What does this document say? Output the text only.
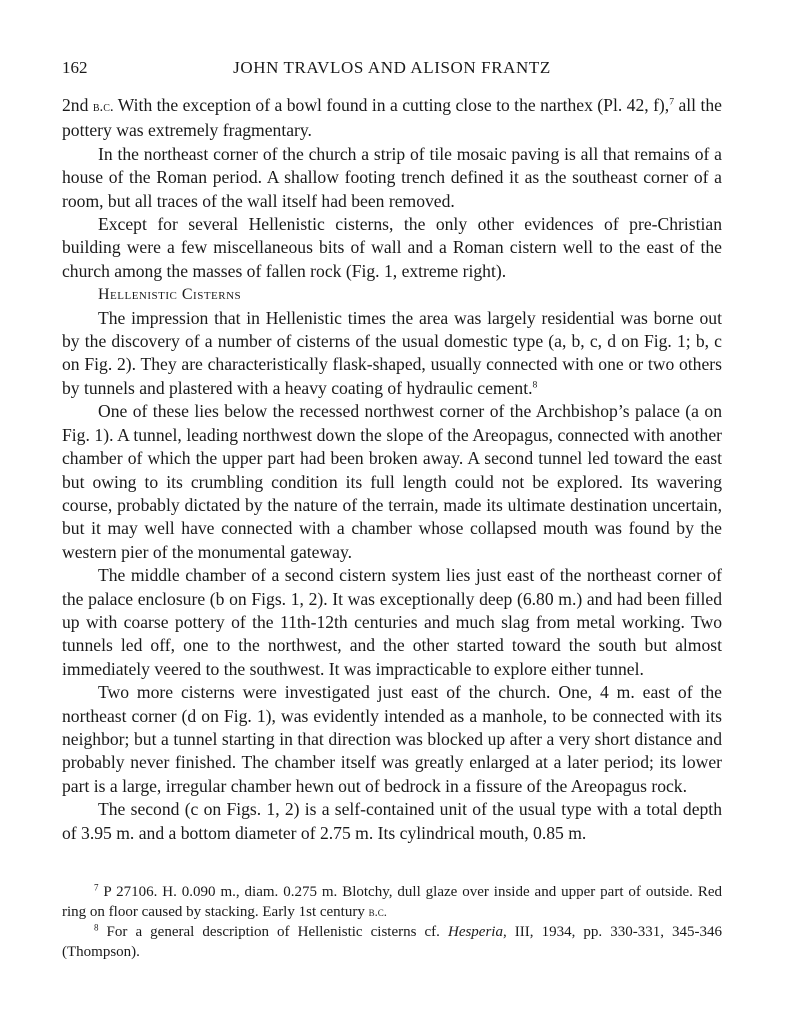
162	JOHN TRAVLOS AND ALISON FRANTZ

2nd b.c. With the exception of a bowl found in a cutting close to the narthex (Pl. 42, f),$^7$ all the pottery was extremely fragmentary.

In the northeast corner of the church a strip of tile mosaic paving is all that remains of a house of the Roman period. A shallow footing trench defined it as the southeast corner of a room, but all traces of the wall itself had been removed.

Except for several Hellenistic cisterns, the only other evidences of pre-Christian building were a few miscellaneous bits of wall and a Roman cistern well to the east of the church among the masses of fallen rock (Fig. 1, extreme right).

Hellenistic Cisterns

The impression that in Hellenistic times the area was largely residential was borne out by the discovery of a number of cisterns of the usual domestic type (a, b, c, d on Fig. 1; b, c on Fig. 2). They are characteristically flask-shaped, usually connected with one or two others by tunnels and plastered with a heavy coating of hydraulic cement.$^8$

One of these lies below the recessed northwest corner of the Archbishop’s palace (a on Fig. 1). A tunnel, leading northwest down the slope of the Areopagus, connected with another chamber of which the upper part had been broken away. A second tunnel led toward the east but owing to its crumbling condition its full length could not be explored. Its wavering course, probably dictated by the nature of the terrain, made its ultimate destination uncertain, but it may well have connected with a chamber whose collapsed mouth was found by the western pier of the monumental gateway.

The middle chamber of a second cistern system lies just east of the northeast corner of the palace enclosure (b on Figs. 1, 2). It was exceptionally deep (6.80 m.) and had been filled up with coarse pottery of the 11th-12th centuries and much slag from metal working. Two tunnels led off, one to the northwest, and the other started toward the south but almost immediately veered to the southwest. It was impracticable to explore either tunnel.

Two more cisterns were investigated just east of the church. One, 4 m. east of the northeast corner (d on Fig. 1), was evidently intended as a manhole, to be connected with its neighbor; but a tunnel starting in that direction was blocked up after a very short distance and probably never finished. The chamber itself was greatly enlarged at a later period; its lower part is a large, irregular chamber hewn out of bedrock in a fissure of the Areopagus rock.

The second (c on Figs. 1, 2) is a self-contained unit of the usual type with a total depth of 3.95 m. and a bottom diameter of 2.75 m. Its cylindrical mouth, 0.85 m.

$^7$ P 27106. H. 0.090 m., diam. 0.275 m. Blotchy, dull glaze over inside and upper part of outside. Red ring on floor caused by stacking. Early 1st century b.c.

$^8$ For a general description of Hellenistic cisterns cf. Hesperia, III, 1934, pp. 330-331, 345-346 (Thompson).
